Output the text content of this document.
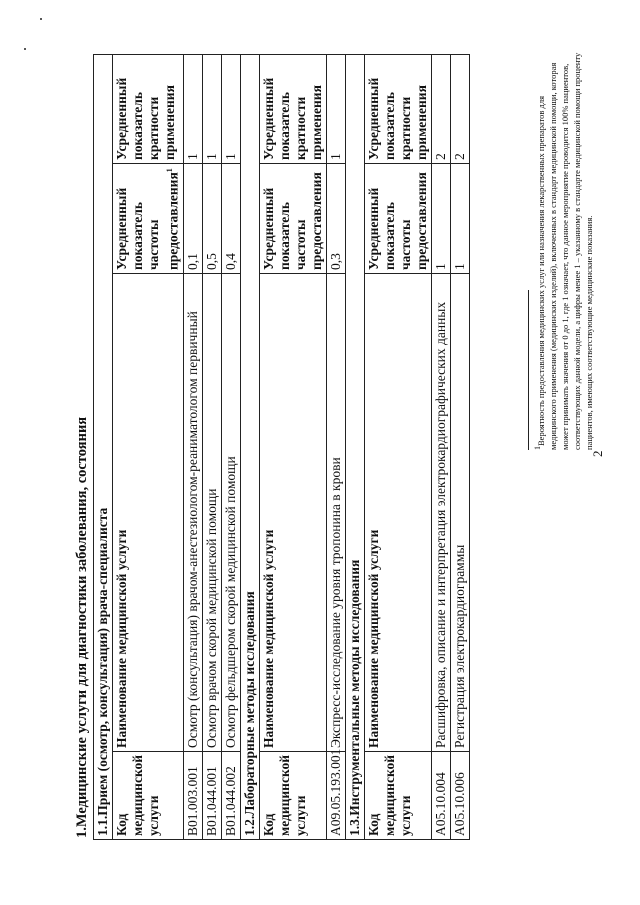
1.Медицинские услуги для диагностики заболевания, состояния 1.1.Прием (осмотр, консультация) врача-специалиста			
Код медицинской услуги	Наименование медицинской услуги	Усредненный показатель частоты предоставления$^1$	Усредненный показатель кратности применения
B01.003.001	Осмотр (консультация) врачом-анестезиологом-реаниматологом первичный	0,1	1
B01.044.001	Осмотр врачом скорой медицинской помощи	0,5	1
B01.044.002	Осмотр фельдшером скорой медицинской помощи	0,4	1
1.2.Лабораторные методы исследования			
Код медицинской услуги	Наименование медицинской услуги	Усредненный показатель частоты предоставления	Усредненный показатель кратности применения
A09.05.193.001	Экспресс-исследование уровня тропонина в крови	0,3	1
1.3.Инструментальные методы исследования			
Код медицинской услуги	Наименование медицинской услуги	Усредненный показатель частоты предоставления	Усредненный показатель кратности применения
A05.10.004	Расшифровка, описание и интерпретация электрокардиографических данных	1	2
A05.10.006	Регистрация электрокардиограммы	1	2
$^1$Вероятность предоставления медицинских услуг или назначения лекарственных препаратов для медицинского применения (медицинских изделий), включенных в стандарт медицинской помощи, которая может принимать значения от 0 до 1, где 1 означает, что данное мероприятие проводится 100% пациентов, соответствующих данной модели, а цифры менее 1 – указанному в стандарте медицинской помощи проценту пациентов, имеющих соответствующие медицинские показания.
2
